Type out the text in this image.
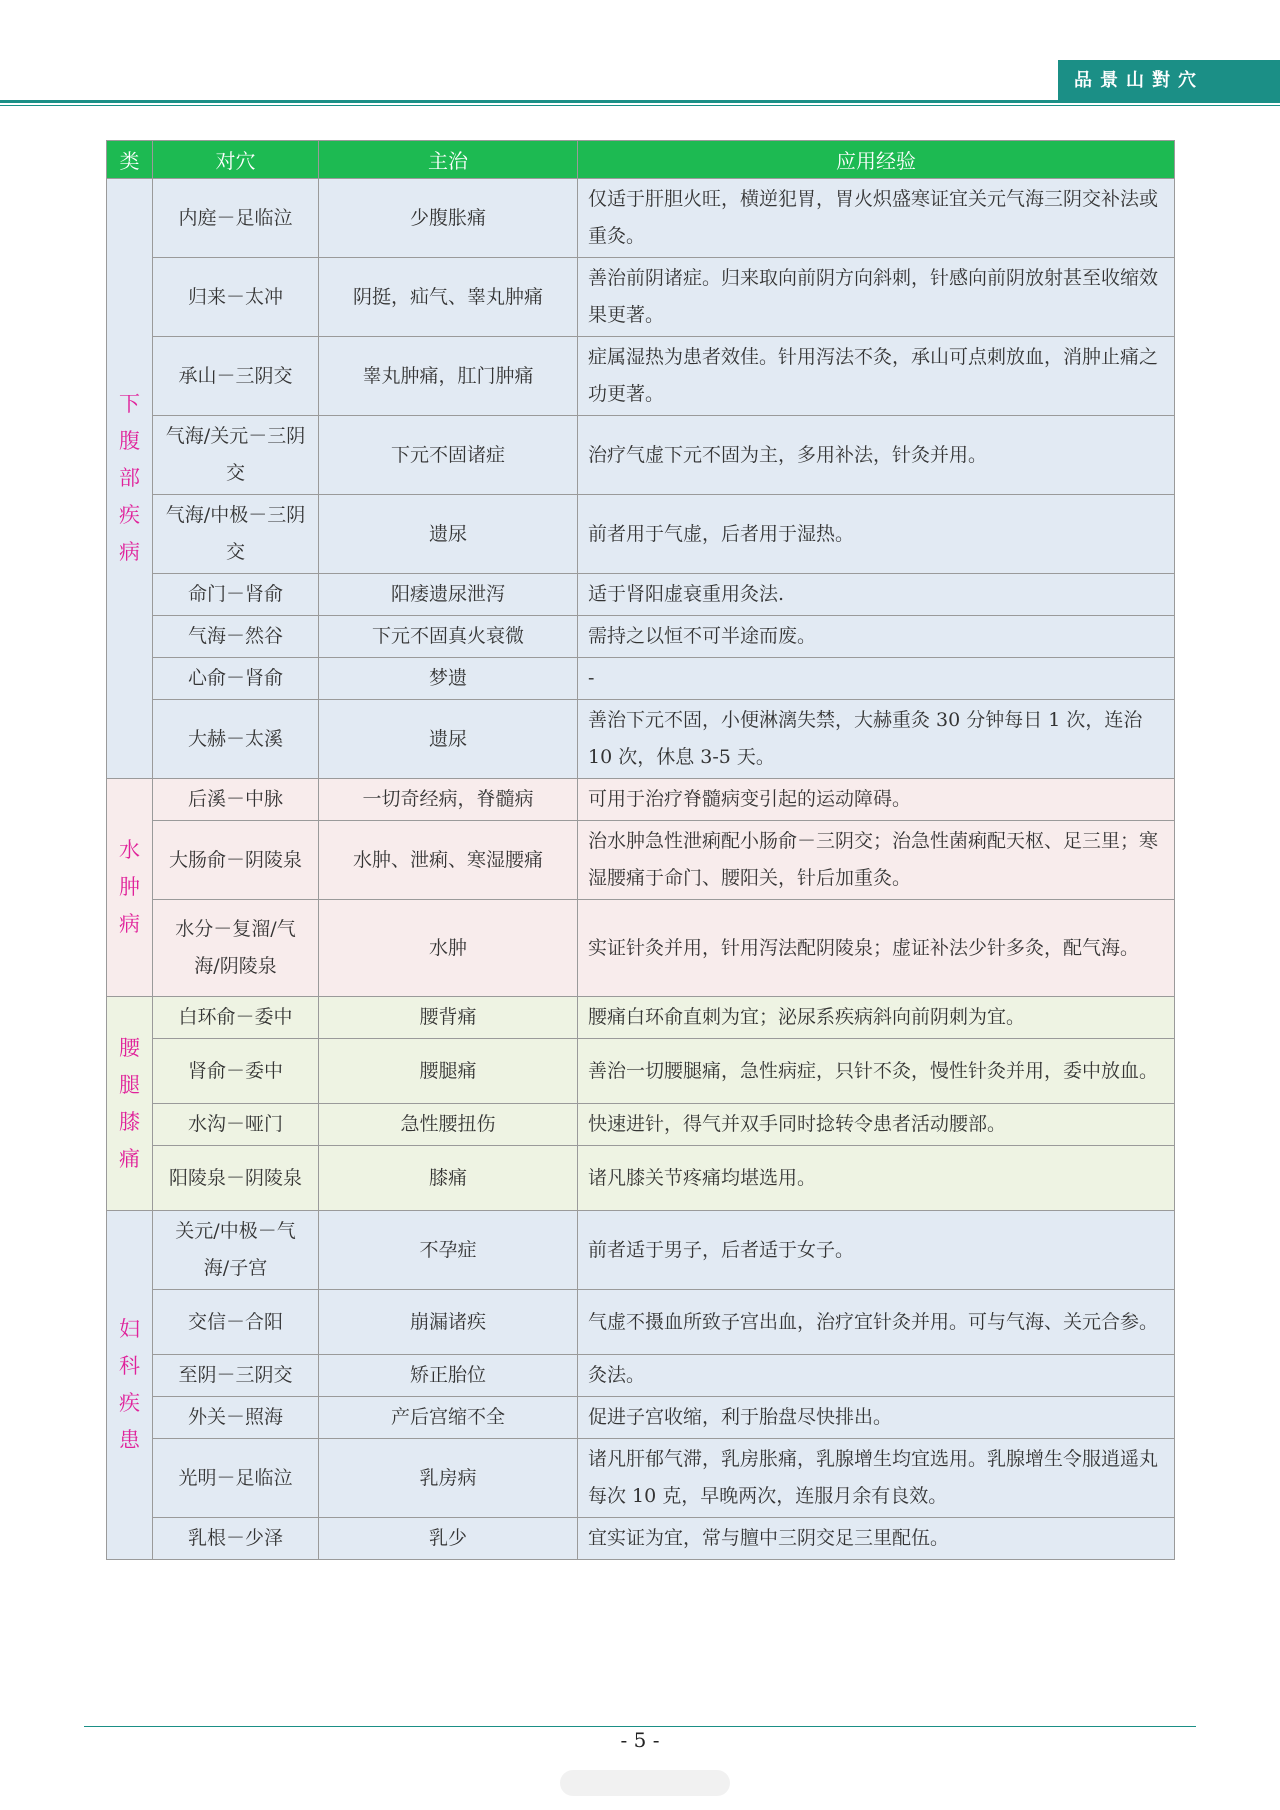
品景山對穴
类	对穴	主治	应用经验
下
腹
部
疾
病	内庭－足临泣	少腹胀痛	仅适于肝胆火旺，横逆犯胃，胃火炽盛寒证宜关元气海三阴交补法或重灸。
	归来－太冲	阴挺，疝气、睾丸肿痛	善治前阴诸症。归来取向前阴方向斜刺，针感向前阴放射甚至收缩效果更著。
	承山－三阴交	睾丸肿痛，肛门肿痛	症属湿热为患者效佳。针用泻法不灸，承山可点刺放血，消肿止痛之功更著。
	气海/关元－三阴交	下元不固诸症	治疗气虚下元不固为主，多用补法，针灸并用。
	气海/中极－三阴交	遗尿	前者用于气虚，后者用于湿热。
	命门－肾俞	阳痿遗尿泄泻	适于肾阳虚衰重用灸法.
	气海－然谷	下元不固真火衰微	需持之以恒不可半途而废。
	心俞－肾俞	梦遗	-
	大赫－太溪	遗尿	善治下元不固，小便淋漓失禁，大赫重灸 30 分钟每日 1 次，连治 10 次，休息 3-5 天。
水
肿
病	后溪－中脉	一切奇经病，脊髓病	可用于治疗脊髓病变引起的运动障碍。
	大肠俞－阴陵泉	水肿、泄痢、寒湿腰痛	治水肿急性泄痢配小肠俞－三阴交；治急性菌痢配天枢、足三里；寒湿腰痛于命门、腰阳关，针后加重灸。
	水分－复溜/气海/阴陵泉	水肿	实证针灸并用，针用泻法配阴陵泉；虚证补法少针多灸，配气海。
腰
腿
膝
痛	白环俞－委中	腰背痛	腰痛白环俞直刺为宜；泌尿系疾病斜向前阴刺为宜。
	肾俞－委中	腰腿痛	善治一切腰腿痛，急性病症，只针不灸，慢性针灸并用，委中放血。
	水沟－哑门	急性腰扭伤	快速进针，得气并双手同时捻转令患者活动腰部。
	阳陵泉－阴陵泉	膝痛	诸凡膝关节疼痛均堪选用。
妇
科
疾
患	关元/中极－气海/子宫	不孕症	前者适于男子，后者适于女子。
	交信－合阳	崩漏诸疾	气虚不摄血所致子宫出血，治疗宜针灸并用。可与气海、关元合参。
	至阴－三阴交	矫正胎位	灸法。
	外关－照海	产后宫缩不全	促进子宫收缩，利于胎盘尽快排出。
	光明－足临泣	乳房病	诸凡肝郁气滞，乳房胀痛，乳腺增生均宜选用。乳腺增生令服逍遥丸每次 10 克，早晚两次，连服月余有良效。
	乳根－少泽	乳少	宜实证为宜，常与膻中三阴交足三里配伍。
- 5 -
